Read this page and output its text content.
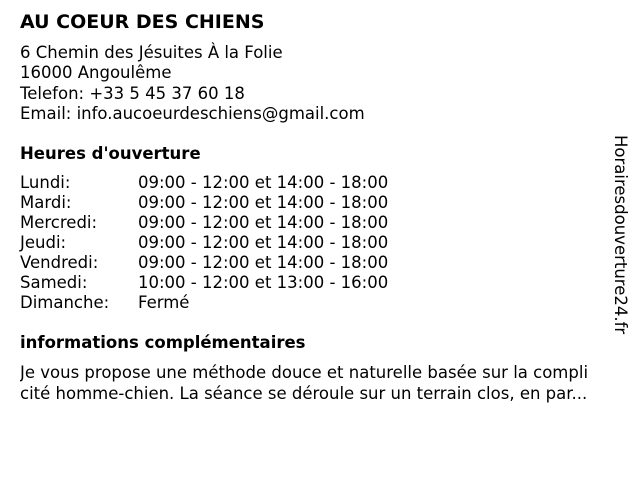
AU COEUR DES CHIENS
6 Chemin des Jésuites À la Folie
16000 Angoulême
Telefon: +33 5 45 37 60 18
Email: info.aucoeurdeschiens@gmail.com
Heures d'ouverture
Lundi:	09:00 - 12:00 et 14:00 - 18:00
Mardi:	09:00 - 12:00 et 14:00 - 18:00
Mercredi: 09:00 - 12:00 et 14:00 - 18:00
Jeudi:	09:00 - 12:00 et 14:00 - 18:00
Vendredi: 09:00 - 12:00 et 14:00 - 18:00
Samedi:	10:00 - 12:00 et 13:00 - 16:00
Dimanche: Fermé
informations complémentaires
Je vous propose une méthode douce et naturelle basée sur la compli
cité homme-chien. La séance se déroule sur un terrain clos, en par...
Horairesdouverture24.fr
